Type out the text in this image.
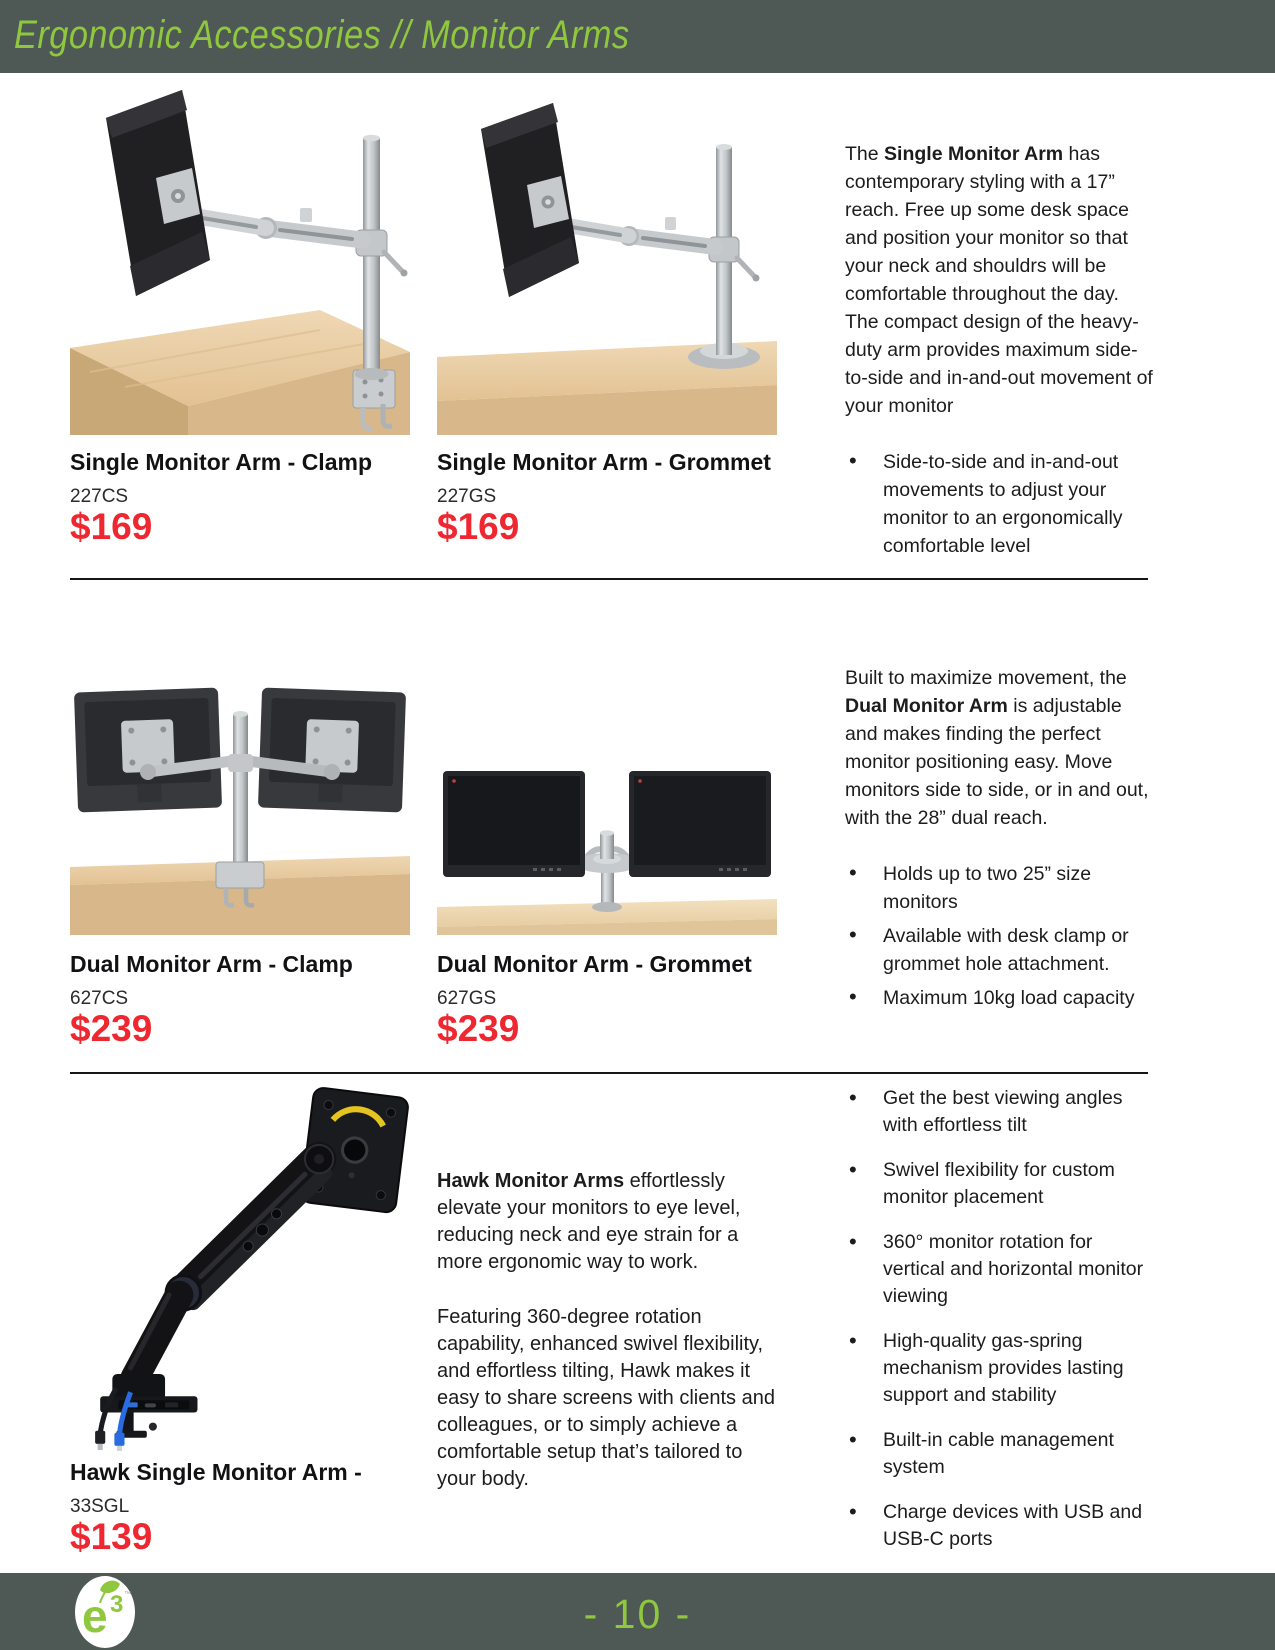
Ergonomic Accessories // Monitor Arms

Single Monitor Arm - Clamp

227CS

$169

Single Monitor Arm - Grommet

227GS

$169

The Single Monitor Arm has contemporary styling with a 17” reach. Free up some desk space and position your monitor so that your neck and shouldrs will be comfortable throughout the day. The compact design of the heavy-duty arm provides maximum side-to-side and in-and-out movement of your monitor

• Side-to-side and in-and-out movements to adjust your monitor to an ergonomically comfortable level

Dual Monitor Arm - Clamp

627CS

$239

Dual Monitor Arm - Grommet

627GS

$239

Built to maximize movement, the Dual Monitor Arm is adjustable and makes finding the perfect monitor positioning easy. Move monitors side to side, or in and out, with the 28” dual reach.

• Holds up to two 25” size monitors
• Available with desk clamp or grommet hole attachment.
• Maximum 10kg load capacity

Hawk Single Monitor Arm -

33SGL

$139

Hawk Monitor Arms effortlessly elevate your monitors to eye level, reducing neck and eye strain for a more ergonomic way to work.

Featuring 360-degree rotation capability, enhanced swivel flexibility, and effortless tilting, Hawk makes it easy to share screens with clients and colleagues, or to simply achieve a comfortable setup that’s tailored to your body.

• Get the best viewing angles with effortless tilt
• Swivel flexibility for custom monitor placement
• 360° monitor rotation for vertical and horizontal monitor viewing
• High-quality gas-spring mechanism provides lasting support and stability
• Built-in cable management system
• Charge devices with USB and USB-C ports
- 10 -
e 3 ™
